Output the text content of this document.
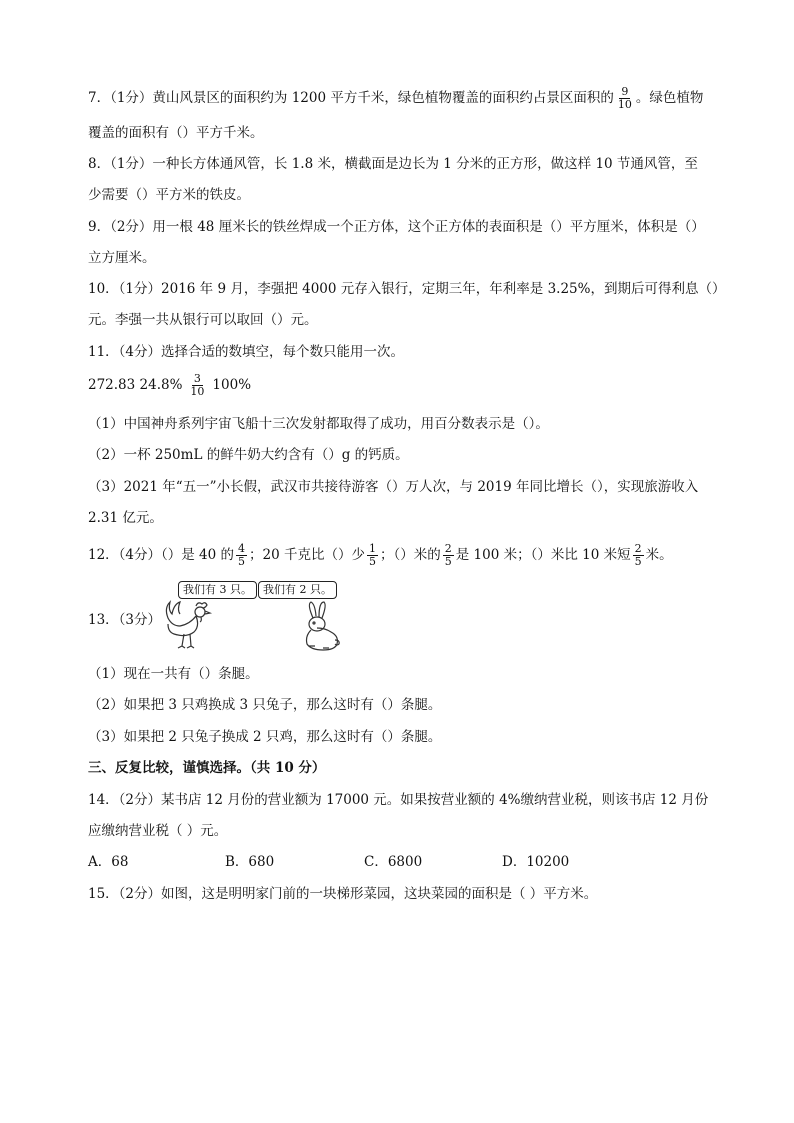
7．（1分）黄山风景区的面积约为 1200 平方千米，绿色植物覆盖的面积约占景区面积的 $\frac{9}{10}$ 。绿色植物
覆盖的面积有（）平方千米。
8．（1分）一种长方体通风管，长 1.8 米，横截面是边长为 1 分米的正方形，做这样 10 节通风管，至
少需要（）平方米的铁皮。
9．（2分）用一根 48 厘米长的铁丝焊成一个正方体，这个正方体的表面积是（）平方厘米，体积是（）
立方厘米。
10．（1分）2016 年 9 月，李强把 4000 元存入银行，定期三年，年利率是 3.25%，到期后可得利息（）
元。李强一共从银行可以取回（）元。
11．（4分）选择合适的数填空，每个数只能用一次。
272.83 $24.8\% \frac{3}{10} 100\%$
（1）中国神舟系列宇宙飞船十三次发射都取得了成功，用百分数表示是（）。
（2）一杯 250mL 的鲜牛奶大约含有（）g 的钙质。
（3）2021 年“五一”小长假，武汉市共接待游客（）万人次，与 2019 年同比增长（），实现旅游收入
2.31 亿元。
12．（4分）（）是 40 的 $\frac{4}{5}$ ；20 千克比（）少 $\frac{1}{5}$ ；（）米的 $\frac{2}{5}$ 是 100 米；（）米比 10 米短 $\frac{2}{5}$ 米。
13．（3分）
我们有 3 只。	我们有 2 只。
（1）现在一共有（）条腿。
（2）如果把 3 只鸡换成 3 只兔子，那么这时有（）条腿。
（3）如果把 2 只兔子换成 2 只鸡，那么这时有（）条腿。
三、反复比较，谨慎选择。（共 10 分）
14．（2分）某书店 12 月份的营业额为 17000 元。如果按营业额的 4%缴纳营业税，则该书店 12 月份
应缴纳营业税（ ）元。
A．68	B．680	C．6800	D．10200
15．（2分）如图，这是明明家门前的一块梯形菜园，这块菜园的面积是（ ）平方米。
